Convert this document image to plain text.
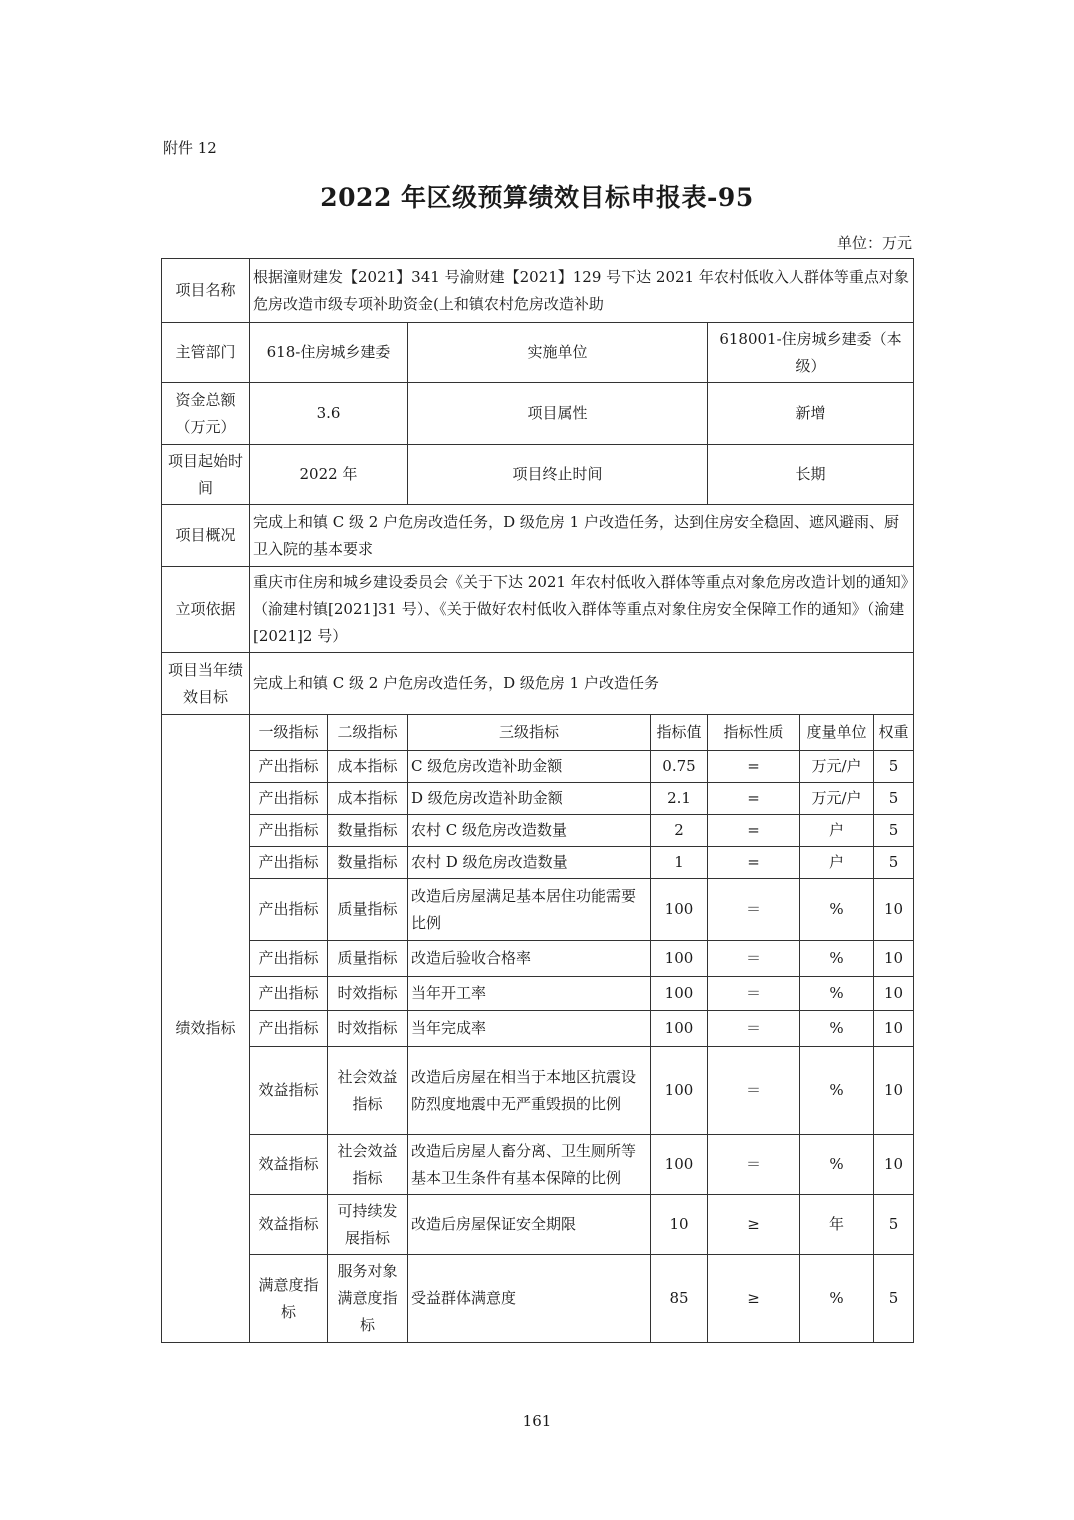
附件 12
2022 年区级预算绩效目标申报表-95
单位：万元
项目名称	根据潼财建发【2021】341 号渝财建【2021】129 号下达 2021 年农村低收入人群体等重点对象危房改造市级专项补助资金(上和镇农村危房改造补助						
主管部门	618-住房城乡建委		实施单位		618001-住房城乡建委（本级）		
资金总额（万元）	3.6		项目属性		新增		
项目起始时间	2022 年		项目终止时间		长期		
项目概况	完成上和镇 C 级 2 户危房改造任务，D 级危房 1 户改造任务，达到住房安全稳固、遮风避雨、厨卫入院的基本要求						
立项依据	重庆市住房和城乡建设委员会《关于下达 2021 年农村低收入群体等重点对象危房改造计划的通知》（渝建村镇[2021]31 号）、《关于做好农村低收入群体等重点对象住房安全保障工作的通知》（渝建[2021]2 号）						
项目当年绩效目标	完成上和镇 C 级 2 户危房改造任务，D 级危房 1 户改造任务						
绩效指标	一级指标	二级指标	三级指标	指标值	指标性质	度量单位	权重
	产出指标	成本指标	C 级危房改造补助金额	0.75	=	万元/户	5
	产出指标	成本指标	D 级危房改造补助金额	2.1	=	万元/户	5
	产出指标	数量指标	农村 C 级危房改造数量	2	=	户	5
	产出指标	数量指标	农村 D 级危房改造数量	1	=	户	5
	产出指标	质量指标	改造后房屋满足基本居住功能需要比例	100	＝	%	10
	产出指标	质量指标	改造后验收合格率	100	＝	%	10
	产出指标	时效指标	当年开工率	100	＝	%	10
	产出指标	时效指标	当年完成率	100	＝	%	10
	效益指标	社会效益指标	改造后房屋在相当于本地区抗震设防烈度地震中无严重毁损的比例	100	＝	%	10
	效益指标	社会效益指标	改造后房屋人畜分离、卫生厕所等基本卫生条件有基本保障的比例	100	＝	%	10
	效益指标	可持续发展指标	改造后房屋保证安全期限	10	≥	年	5
	满意度指标	服务对象满意度指标	受益群体满意度	85	≥	%	5
161
